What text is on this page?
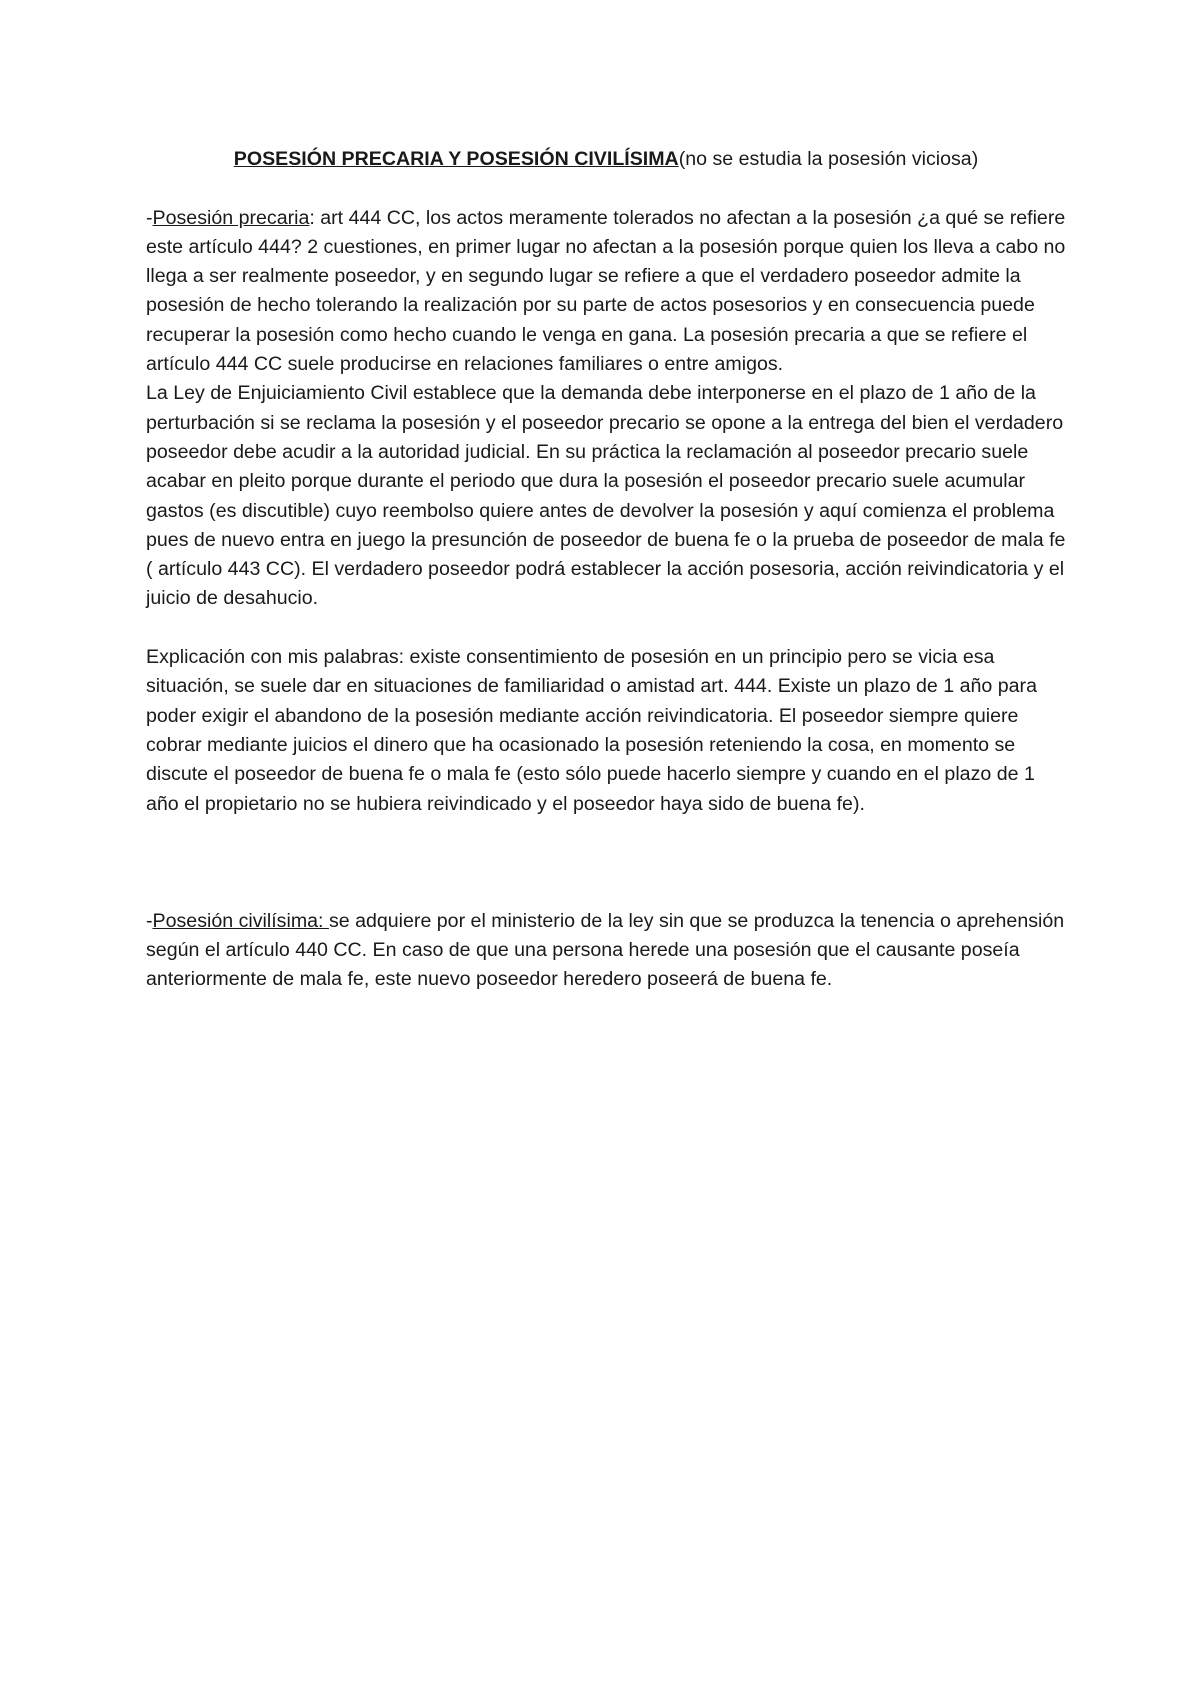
POSESIÓN PRECARIA Y POSESIÓN CIVILÍSIMA(no se estudia la posesión viciosa)

-Posesión precaria: art 444 CC, los actos meramente tolerados no afectan a la posesión ¿a qué se refiere este artículo 444? 2 cuestiones, en primer lugar no afectan a la posesión porque quien los lleva a cabo no llega a ser realmente poseedor, y en segundo lugar se refiere a que el verdadero poseedor admite la posesión de hecho tolerando la realización por su parte de actos posesorios y en consecuencia puede recuperar la posesión como hecho cuando le venga en gana. La posesión precaria a que se refiere el artículo 444 CC suele producirse en relaciones familiares o entre amigos.

La Ley de Enjuiciamiento Civil establece que la demanda debe interponerse en el plazo de 1 año de la perturbación si se reclama la posesión y el poseedor precario se opone a la entrega del bien el verdadero poseedor debe acudir a la autoridad judicial. En su práctica la reclamación al poseedor precario suele acabar en pleito porque durante el periodo que dura la posesión el poseedor precario suele acumular gastos (es discutible) cuyo reembolso quiere antes de devolver la posesión y aquí comienza el problema pues de nuevo entra en juego la presunción de poseedor de buena fe o la prueba de poseedor de mala fe ( artículo 443 CC). El verdadero poseedor podrá establecer la acción posesoria, acción reivindicatoria y el juicio de desahucio.

Explicación con mis palabras: existe consentimiento de posesión en un principio pero se vicia esa situación, se suele dar en situaciones de familiaridad o amistad art. 444. Existe un plazo de 1 año para poder exigir el abandono de la posesión mediante acción reivindicatoria. El poseedor siempre quiere cobrar mediante juicios el dinero que ha ocasionado la posesión reteniendo la cosa, en momento se discute el poseedor de buena fe o mala fe (esto sólo puede hacerlo siempre y cuando en el plazo de 1 año el propietario no se hubiera reivindicado y el poseedor haya sido de buena fe).

-Posesión civilísima: se adquiere por el ministerio de la ley sin que se produzca la tenencia o aprehensión según el artículo 440 CC. En caso de que una persona herede una posesión que el causante poseía anteriormente de mala fe, este nuevo poseedor heredero poseerá de buena fe.
